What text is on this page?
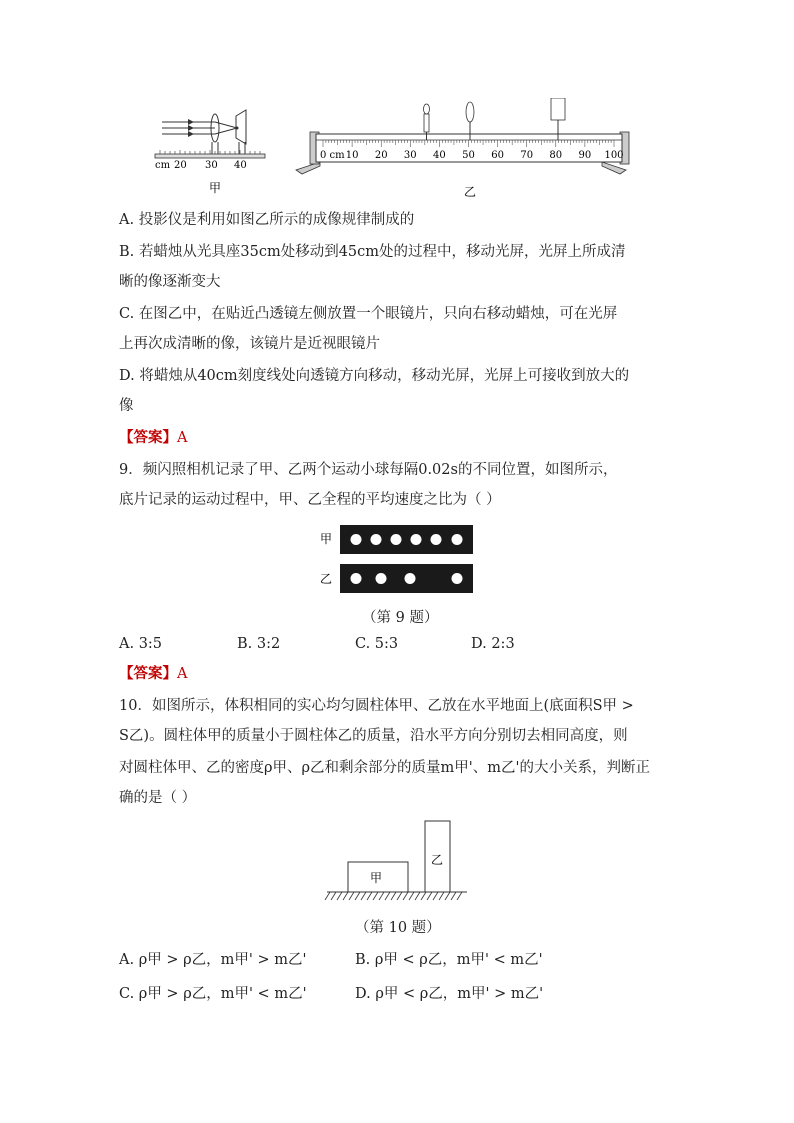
cm 20 30 40
甲
0 cm 10 20 30 40 50 60 70 80 90 100
乙
A. 投影仪是利用如图乙所示的成像规律制成的
B. 若蜡烛从光具座35cm处移动到45cm处的过程中，移动光屏，光屏上所成清
晰的像逐渐变大
C. 在图乙中，在贴近凸透镜左侧放置一个眼镜片，只向右移动蜡烛，可在光屏
上再次成清晰的像，该镜片是近视眼镜片
D. 将蜡烛从40cm刻度线处向透镜方向移动，移动光屏，光屏上可接收到放大的
像
【答案】A
9．频闪照相机记录了甲、乙两个运动小球每隔0.02s的不同位置，如图所示，
底片记录的运动过程中，甲、乙全程的平均速度之比为（ ）
甲
乙
（第 9 题）
A. 3:5	B. 3:2	C. 5:3	D. 2:3
【答案】A
10．如图所示，体积相同的实心均匀圆柱体甲、乙放在水平地面上(底面积S甲 >
S乙)。圆柱体甲的质量小于圆柱体乙的质量，沿水平方向分别切去相同高度，则
对圆柱体甲、乙的密度ρ甲、ρ乙和剩余部分的质量m甲'、m乙'的大小关系，判断正
确的是（ ）
甲
乙
（第 10 题）
A. ρ甲 > ρ乙，m甲' > m乙'	B. ρ甲 < ρ乙，m甲' < m乙'
C. ρ甲 > ρ乙，m甲' < m乙'	D. ρ甲 < ρ乙，m甲' > m乙'
